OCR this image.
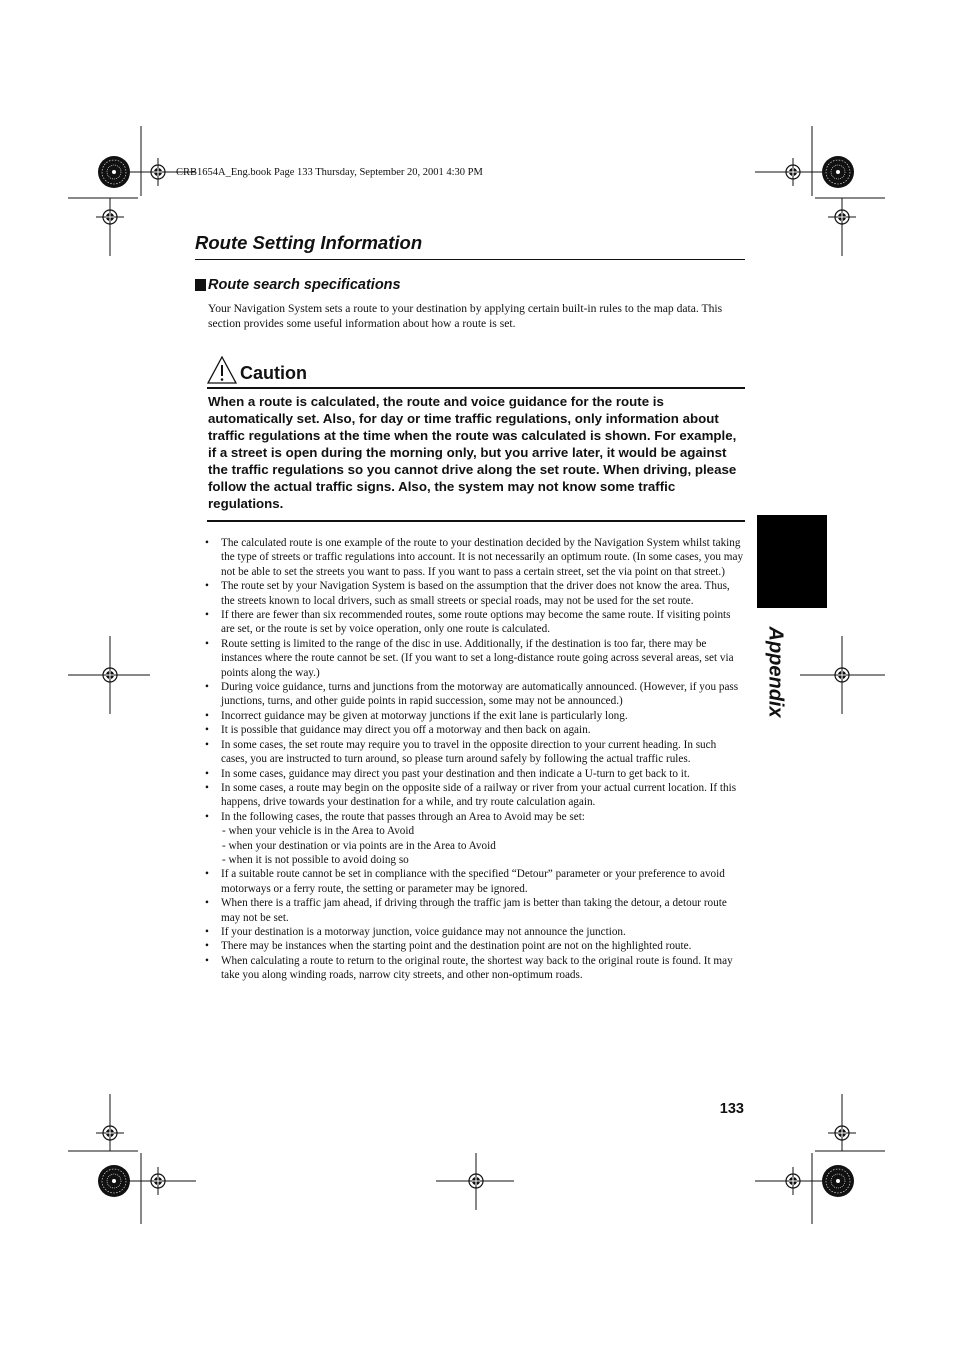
CRB1654A_Eng.book Page 133 Thursday, September 20, 2001 4:30 PM
Route Setting Information
Route search specifications
Your Navigation System sets a route to your destination by applying certain built-in rules to the map data. This section provides some useful information about how a route is set.
Caution
When a route is calculated, the route and voice guidance for the route is automatically set. Also, for day or time traffic regulations, only information about traffic regulations at the time when the route was calculated is shown. For example, if a street is open during the morning only, but you arrive later, it would be against the traffic regulations so you cannot drive along the set route. When driving, please follow the actual traffic signs. Also, the system may not know some traffic regulations.
• The calculated route is one example of the route to your destination decided by the Navigation System whilst taking the type of streets or traffic regulations into account. It is not necessarily an optimum route. (In some cases, you may not be able to set the streets you want to pass. If you want to pass a certain street, set the via point on that street.)
• The route set by your Navigation System is based on the assumption that the driver does not know the area. Thus, the streets known to local drivers, such as small streets or special roads, may not be used for the set route.
• If there are fewer than six recommended routes, some route options may become the same route. If visiting points are set, or the route is set by voice operation, only one route is calculated.
• Route setting is limited to the range of the disc in use. Additionally, if the destination is too far, there may be instances where the route cannot be set. (If you want to set a long-distance route going across several areas, set via points along the way.)
• During voice guidance, turns and junctions from the motorway are automatically announced. (However, if you pass junctions, turns, and other guide points in rapid succession, some may not be announced.)
• Incorrect guidance may be given at motorway junctions if the exit lane is particularly long.
• It is possible that guidance may direct you off a motorway and then back on again.
• In some cases, the set route may require you to travel in the opposite direction to your current heading. In such cases, you are instructed to turn around, so please turn around safely by following the actual traffic rules.
• In some cases, guidance may direct you past your destination and then indicate a U-turn to get back to it.
• In some cases, a route may begin on the opposite side of a railway or river from your actual current location. If this happens, drive towards your destination for a while, and try route calculation again.
• In the following cases, the route that passes through an Area to Avoid may be set:
- when your vehicle is in the Area to Avoid
- when your destination or via points are in the Area to Avoid
- when it is not possible to avoid doing so
• If a suitable route cannot be set in compliance with the specified “Detour” parameter or your preference to avoid motorways or a ferry route, the setting or parameter may be ignored.
• When there is a traffic jam ahead, if driving through the traffic jam is better than taking the detour, a detour route may not be set.
• If your destination is a motorway junction, voice guidance may not announce the junction.
• There may be instances when the starting point and the destination point are not on the highlighted route.
• When calculating a route to return to the original route, the shortest way back to the original route is found. It may take you along winding roads, narrow city streets, and other non-optimum roads.
Appendix
133
